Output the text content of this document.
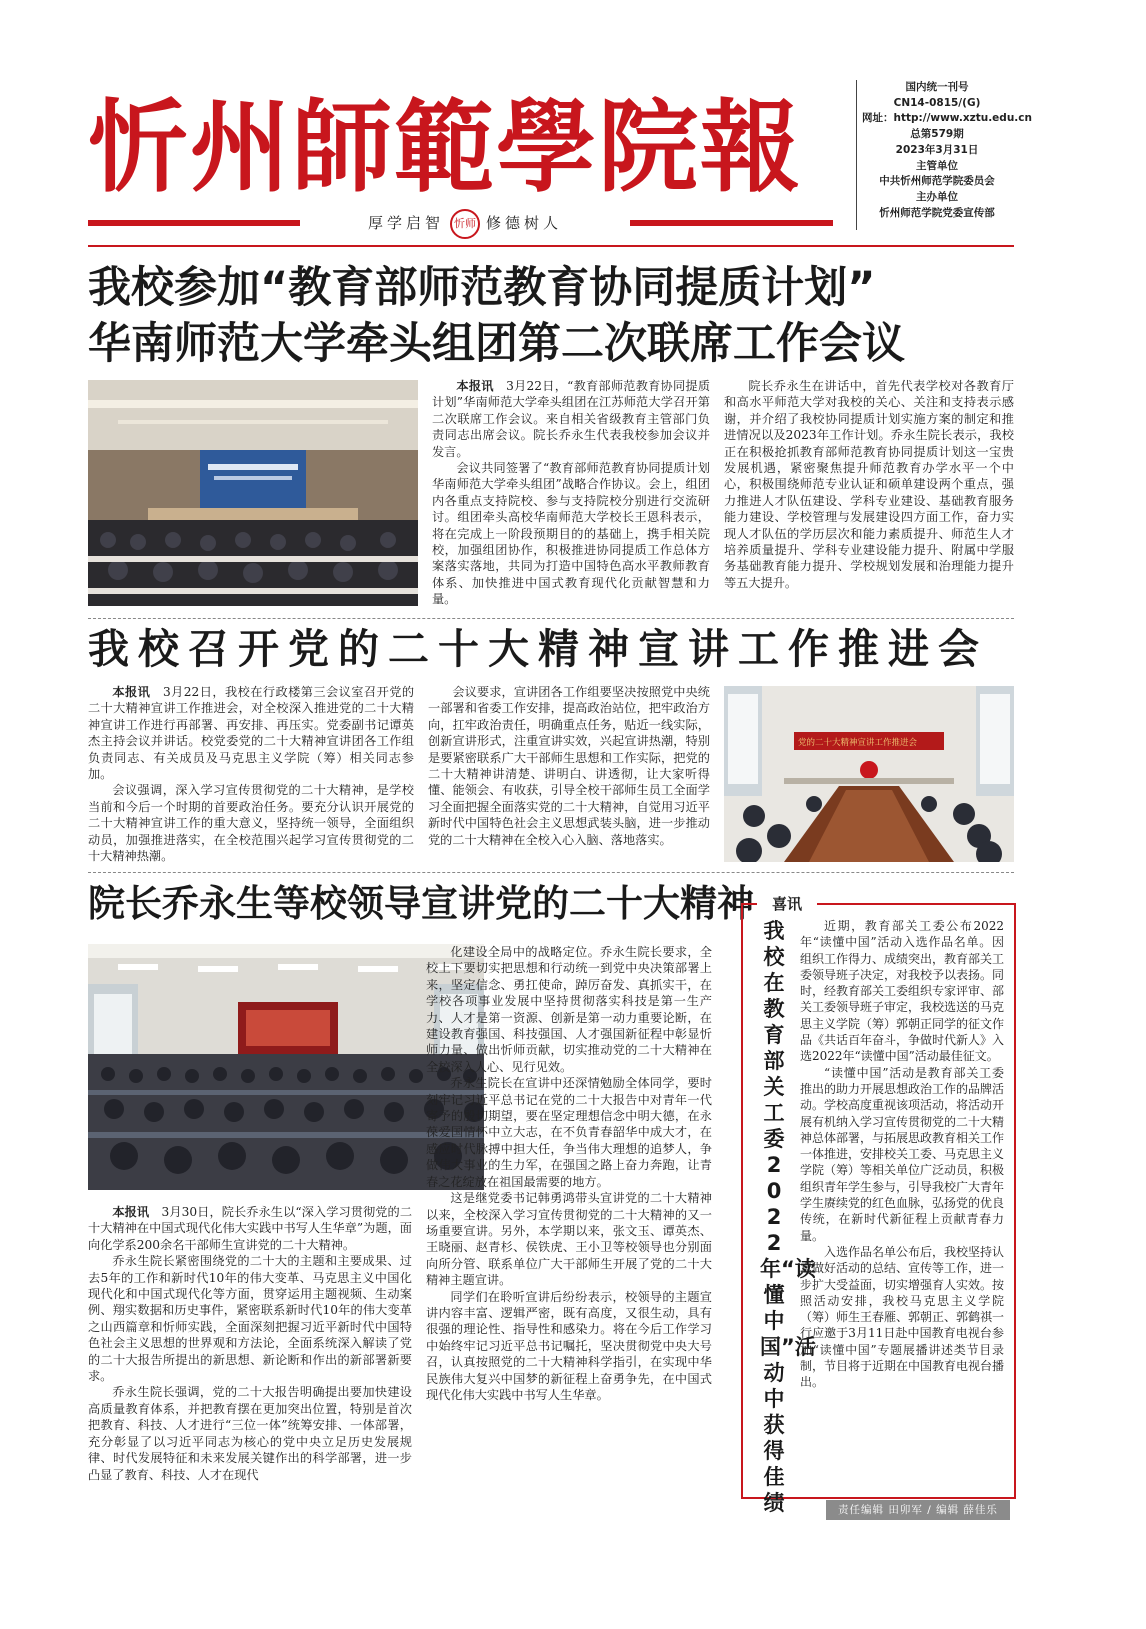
忻州師範學院報
厚学启智 忻师 修德树人
国内统一刊号
CN14-0815/(G)
网址：http://www.xztu.edu.cn
总第579期
2023年3月31日
主管单位
中共忻州师范学院委员会
主办单位
忻州师范学院党委宣传部
我校参加“教育部师范教育协同提质计划”
华南师范大学牵头组团第二次联席工作会议

本报讯　 3月22日，“教育部师范教育协同提质计划”华南师范大学牵头组团在江苏师范大学召开第二次联席工作会议。来自相关省级教育主管部门负责同志出席会议。院长乔永生代表我校参加会议并发言。

会议共同签署了“教育部师范教育协同提质计划华南师范大学牵头组团”战略合作协议。会上，组团内各重点支持院校、参与支持院校分别进行交流研讨。组团牵头高校华南师范大学校长王恩科表示，将在完成上一阶段预期目的的基础上，携手相关院校，加强组团协作，积极推进协同提质工作总体方案落实落地，共同为打造中国特色高水平教师教育体系、加快推进中国式教育现代化贡献智慧和力量。

院长乔永生在讲话中，首先代表学校对各教育厅和高水平师范大学对我校的关心、关注和支持表示感谢，并介绍了我校协同提质计划实施方案的制定和推进情况以及2023年工作计划。乔永生院长表示，我校正在积极抢抓教育部师范教育协同提质计划这一宝贵发展机遇，紧密聚焦提升师范教育办学水平一个中心，积极围绕师范专业认证和硕单建设两个重点，强力推进人才队伍建设、学科专业建设、基础教育服务能力建设、学校管理与发展建设四方面工作，奋力实现人才队伍的学历层次和能力素质提升、师范生人才培养质量提升、学科专业建设能力提升、附属中学服务基础教育能力提升、学校规划发展和治理能力提升等五大提升。

我校召开党的二十大精神宣讲工作推进会

本报讯　 3月22日，我校在行政楼第三会议室召开党的二十大精神宣讲工作推进会，对全校深入推进党的二十大精神宣讲工作进行再部署、再安排、再压实。党委副书记谭英杰主持会议并讲话。校党委党的二十大精神宣讲团各工作组负责同志、有关成员及马克思主义学院（筹）相关同志参加。

会议强调，深入学习宣传贯彻党的二十大精神，是学校当前和今后一个时期的首要政治任务。要充分认识开展党的二十大精神宣讲工作的重大意义，坚持统一领导，全面组织动员，加强推进落实，在全校范围兴起学习宣传贯彻党的二十大精神热潮。

会议要求，宣讲团各工作组要坚决按照党中央统一部署和省委工作安排，提高政治站位，把牢政治方向，扛牢政治责任，明确重点任务，贴近一线实际，创新宣讲形式，注重宣讲实效，兴起宣讲热潮，特别是要紧密联系广大干部师生思想和工作实际，把党的二十大精神讲清楚、讲明白、讲透彻，让大家听得懂、能领会、有收获，引导全校干部师生员工全面学习全面把握全面落实党的二十大精神，自觉用习近平新时代中国特色社会主义思想武装头脑，进一步推动党的二十大精神在全校入心入脑、落地落实。

党的二十大精神宣讲工作推进会
院长乔永生等校领导宣讲党的二十大精神

本报讯　 3月30日，院长乔永生以“深入学习贯彻党的二十大精神在中国式现代化伟大实践中书写人生华章”为题，面向化学系200余名干部师生宣讲党的二十大精神。

乔永生院长紧密围绕党的二十大的主题和主要成果、过去5年的工作和新时代10年的伟大变革、马克思主义中国化现代化和中国式现代化等方面，贯穿运用主题视频、生动案例、翔实数据和历史事件，紧密联系新时代10年的伟大变革之山西篇章和忻师实践，全面深刻把握习近平新时代中国特色社会主义思想的世界观和方法论，全面系统深入解读了党的二十大报告所提出的新思想、新论断和作出的新部署新要求。

乔永生院长强调，党的二十大报告明确提出要加快建设高质量教育体系，并把教育摆在更加突出位置，特别是首次把教育、科技、人才进行“三位一体”统筹安排、一体部署，充分彰显了以习近平同志为核心的党中央立足历史发展规律、时代发展特征和未来发展关键作出的科学部署，进一步凸显了教育、科技、人才在现代

化建设全局中的战略定位。乔永生院长要求，全校上下要切实把思想和行动统一到党中央决策部署上来，坚定信念、勇扛使命，踔厉奋发、真抓实干，在学校各项事业发展中坚持贯彻落实科技是第一生产力、人才是第一资源、创新是第一动力重要论断，在建设教育强国、科技强国、人才强国新征程中彰显忻师力量、做出忻师贡献，切实推动党的二十大精神在全校深入人心、见行见效。

乔永生院长在宣讲中还深情勉励全体同学，要时刻牢记习近平总书记在党的二十大报告中对青年一代寄予的殷切期望，要在坚定理想信念中明大德，在永葆爱国情怀中立大志，在不负青春韶华中成大才，在感应时代脉搏中担大任，争当伟大理想的追梦人，争做伟大事业的生力军，在强国之路上奋力奔跑，让青春之花绽放在祖国最需要的地方。

这是继党委书记韩勇鸿带头宣讲党的二十大精神以来，全校深入学习宣传贯彻党的二十大精神的又一场重要宣讲。另外，本学期以来，张文玉、谭英杰、王晓丽、赵青杉、侯铁虎、王小卫等校领导也分别面向所分管、联系单位广大干部师生开展了党的二十大精神主题宣讲。

同学们在聆听宣讲后纷纷表示，校领导的主题宣讲内容丰富、逻辑严密，既有高度，又很生动，具有很强的理论性、指导性和感染力。将在今后工作学习中始终牢记习近平总书记嘱托，坚决贯彻党中央大号召，认真按照党的二十大精神科学指引，在实现中华民族伟大复兴中国梦的新征程上奋勇争先，在中国式现代化伟大实践中书写人生华章。

喜讯
我校在教育部关工委2022年“读懂中国”活动中获得佳绩

近期，教育部关工委公布2022年“读懂中国”活动入选作品名单。因组织工作得力、成绩突出，教育部关工委领导班子决定，对我校予以表扬。同时，经教育部关工委组织专家评审、部关工委领导班子审定，我校选送的马克思主义学院（筹）郭朝正同学的征文作品《共话百年奋斗，争做时代新人》入选2022年“读懂中国”活动最佳征文。

“读懂中国”活动是教育部关工委推出的助力开展思想政治工作的品牌活动。学校高度重视该项活动，将活动开展有机纳入学习宣传贯彻党的二十大精神总体部署，与拓展思政教育相关工作一体推进，安排校关工委、马克思主义学院（筹）等相关单位广泛动员，积极组织青年学生参与，引导我校广大青年学生赓续党的红色血脉，弘扬党的优良传统，在新时代新征程上贡献青春力量。

入选作品名单公布后，我校坚持认真做好活动的总结、宣传等工作，进一步扩大受益面，切实增强育人实效。按照活动安排，我校马克思主义学院（筹）师生王春雁、郭朝正、郭鹤祺一行应邀于3月11日赴中国教育电视台参加“读懂中国”专题展播讲述类节目录制，节目将于近期在中国教育电视台播出。

责任编辑 田卯军 / 编辑 薛佳乐
